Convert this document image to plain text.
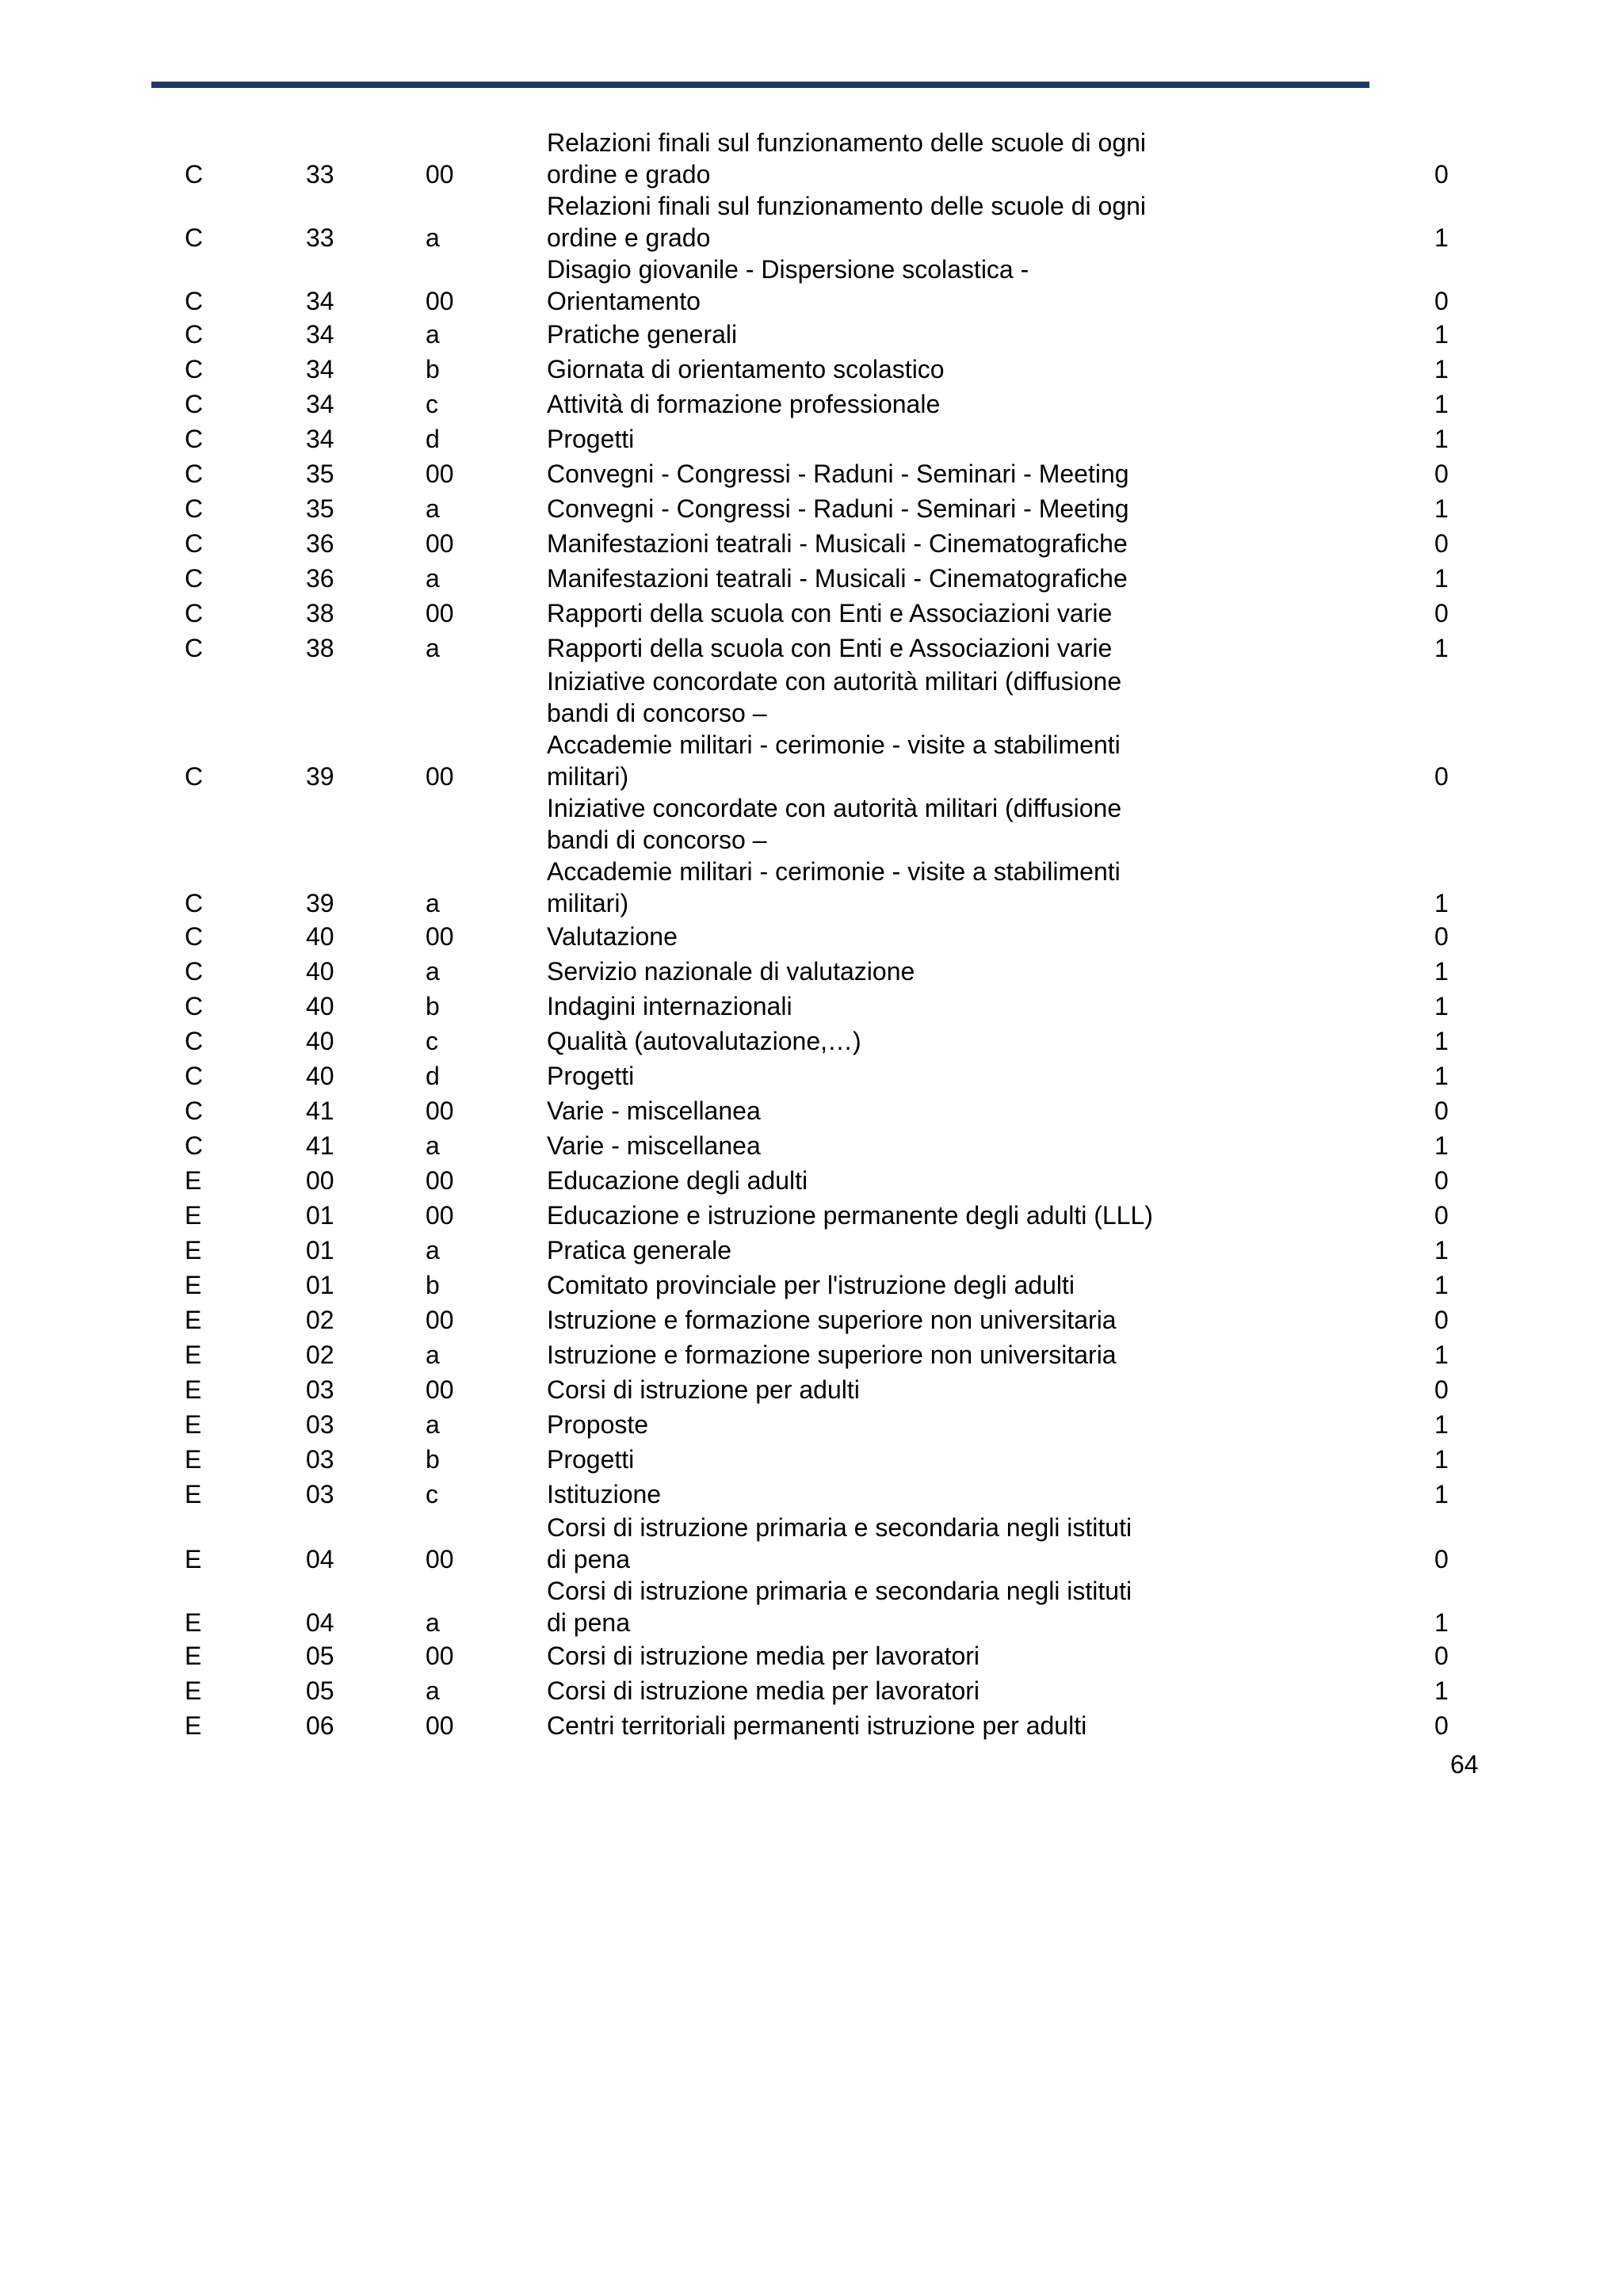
C	33	00
Relazioni finali sul funzionamento delle scuole di ogni
ordine e grado	0
C	33	a
Relazioni finali sul funzionamento delle scuole di ogni
ordine e grado	1
C	34	00
Disagio giovanile - Dispersione scolastica -
Orientamento	0
C	34	a	Pratiche generali	1
C	34	b	Giornata di orientamento scolastico	1
C	34	c	Attività di formazione professionale	1
C	34	d	Progetti	1
C	35	00	Convegni - Congressi - Raduni - Seminari - Meeting	0
C	35	a	Convegni - Congressi - Raduni - Seminari - Meeting	1
C	36	00	Manifestazioni teatrali - Musicali - Cinematografiche	0
C	36	a	Manifestazioni teatrali - Musicali - Cinematografiche	1
C	38	00	Rapporti della scuola con Enti e Associazioni varie	0
C	38	a	Rapporti della scuola con Enti e Associazioni varie	1
C	39	00
Iniziative concordate con autorità militari (diffusione
bandi di concorso –
Accademie militari - cerimonie - visite a stabilimenti
militari)	0
C	39	a
Iniziative concordate con autorità militari (diffusione
bandi di concorso –
Accademie militari - cerimonie - visite a stabilimenti
militari)	1
C	40	00	Valutazione	0
C	40	a	Servizio nazionale di valutazione	1
C	40	b	Indagini internazionali	1
C	40	c	Qualità (autovalutazione,…)	1
C	40	d	Progetti	1
C	41	00	Varie - miscellanea	0
C	41	a	Varie - miscellanea	1
E	00	00	Educazione degli adulti	0
E	01	00	Educazione e istruzione permanente degli adulti (LLL)	0
E	01	a	Pratica generale	1
E	01	b	Comitato provinciale per l'istruzione degli adulti	1
E	02	00	Istruzione e formazione superiore non universitaria	0
E	02	a	Istruzione e formazione superiore non universitaria	1
E	03	00	Corsi di istruzione per adulti	0
E	03	a	Proposte	1
E	03	b	Progetti	1
E	03	c	Istituzione	1
E	04	00
Corsi di istruzione primaria e secondaria negli istituti
di pena	0
E	04	a
Corsi di istruzione primaria e secondaria negli istituti
di pena	1
E	05	00	Corsi di istruzione media per lavoratori	0
E	05	a	Corsi di istruzione media per lavoratori	1
E	06	00	Centri territoriali permanenti istruzione per adulti	0
64
